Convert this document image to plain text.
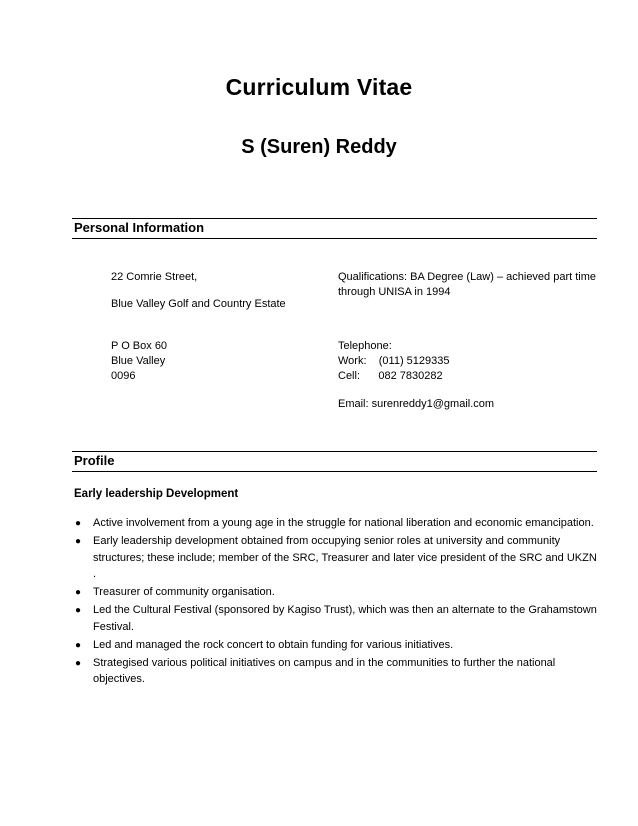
Curriculum Vitae
S (Suren) Reddy
Personal Information
22 Comrie Street,
Blue Valley Golf and Country Estate
P O Box 60
Blue Valley
0096
Qualifications: BA Degree (Law) – achieved part time through UNISA in 1994
Telephone:
Work:    (011) 5129335
Cell:      082 7830282
Email: surenreddy1@gmail.com
Profile
Early leadership Development
● Active involvement from a young age in the struggle for national liberation and economic emancipation.
● Early leadership development obtained from occupying senior roles at university and community structures; these include; member of the SRC, Treasurer and later vice president of the SRC and UKZN .
● Treasurer of community organisation.
● Led the Cultural Festival (sponsored by Kagiso Trust), which was then an alternate to the Grahamstown Festival.
● Led and managed the rock concert to obtain funding for various initiatives.
● Strategised various political initiatives on campus and in the communities to further the national objectives.
